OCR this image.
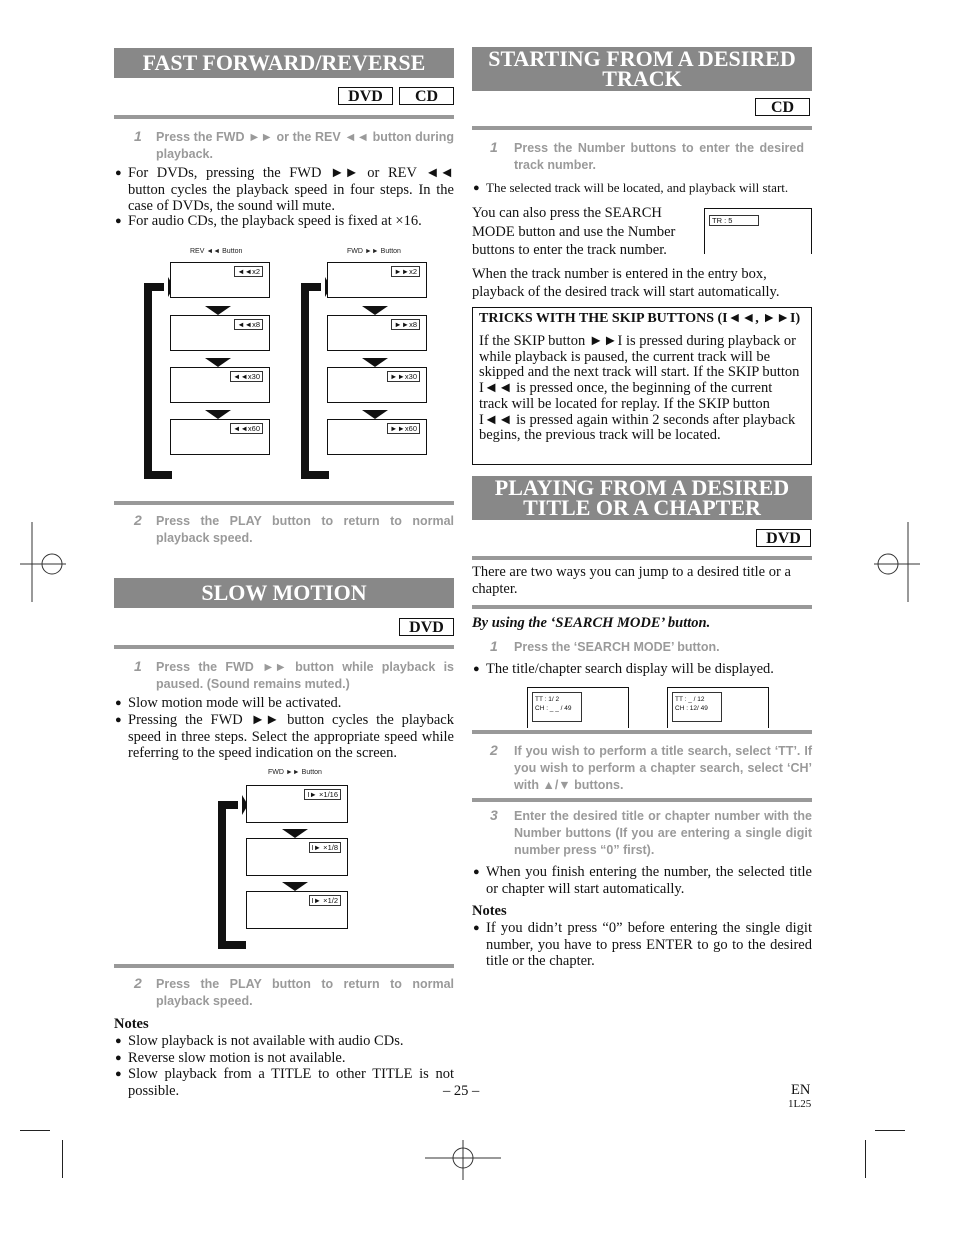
FAST FORWARD/REVERSE
DVD	CD
1 Press the FWD ►► or the REV ◄◄ button during playback.
● For DVDs, pressing the FWD ►► or REV ◄◄ button cycles the playback speed in four steps. In the case of DVDs, the sound will mute.
● For audio CDs, the playback speed is fixed at ×16.
REV ◄◄ Button	FWD ►► Button
◄◄x2
◄◄x8
◄◄x30
◄◄x60
►►x2
►►x8
►►x30
►►x60
2 Press the PLAY button to return to normal playback speed.
SLOW MOTION
DVD
1 Press the FWD ►► button while playback is paused. (Sound remains muted.)
● Slow motion mode will be activated.
● Pressing the FWD ►► button cycles the playback speed in three steps. Select the appropriate speed while referring to the speed indication on the screen.
FWD ►► Button
I► ×1/16
I► ×1/8
I► ×1/2
2 Press the PLAY button to return to normal playback speed.
Notes
● Slow playback is not available with audio CDs.
● Reverse slow motion is not available.
● Slow playback from a TITLE to other TITLE is not possible.
STARTING FROM A DESIRED
TRACK
CD
1 Press the Number buttons to enter the desired track number.
● The selected track will be located, and playback will start.
You can also press the SEARCH MODE button and use the Number buttons to enter the track number.
TR : 5
When the track number is entered in the entry box, playback of the desired track will start automatically.
TRICKS WITH THE SKIP BUTTONS (I◄◄, ►►I)
If the SKIP button ►►I is pressed during playback or while playback is paused, the current track will be skipped and the next track will start. If the SKIP button I◄◄ is pressed once, the beginning of the current track will be located for replay. If the SKIP button I◄◄ is pressed again within 2 seconds after playback begins, the previous track will be located.
PLAYING FROM A DESIRED
TITLE OR A CHAPTER
DVD
There are two ways you can jump to a desired title or a chapter.
By using the ‘SEARCH MODE’ button.
1 Press the ‘SEARCH MODE’ button.
● The title/chapter search display will be displayed.
TT : 1/ 2
CH : _ _ / 49
TT : _ / 12
CH : 12/ 49
2 If you wish to perform a title search, select ‘TT’. If you wish to perform a chapter search, select ‘CH’ with ▲/▼ buttons.
3 Enter the desired title or chapter number with the Number buttons (If you are entering a single digit number press “0” first).
● When you finish entering the number, the selected title or chapter will start automatically.
Notes
● If you didn’t press “0” before entering the single digit number, you have to press ENTER to go to the desired title or the chapter.
– 25 –	EN
1L25
